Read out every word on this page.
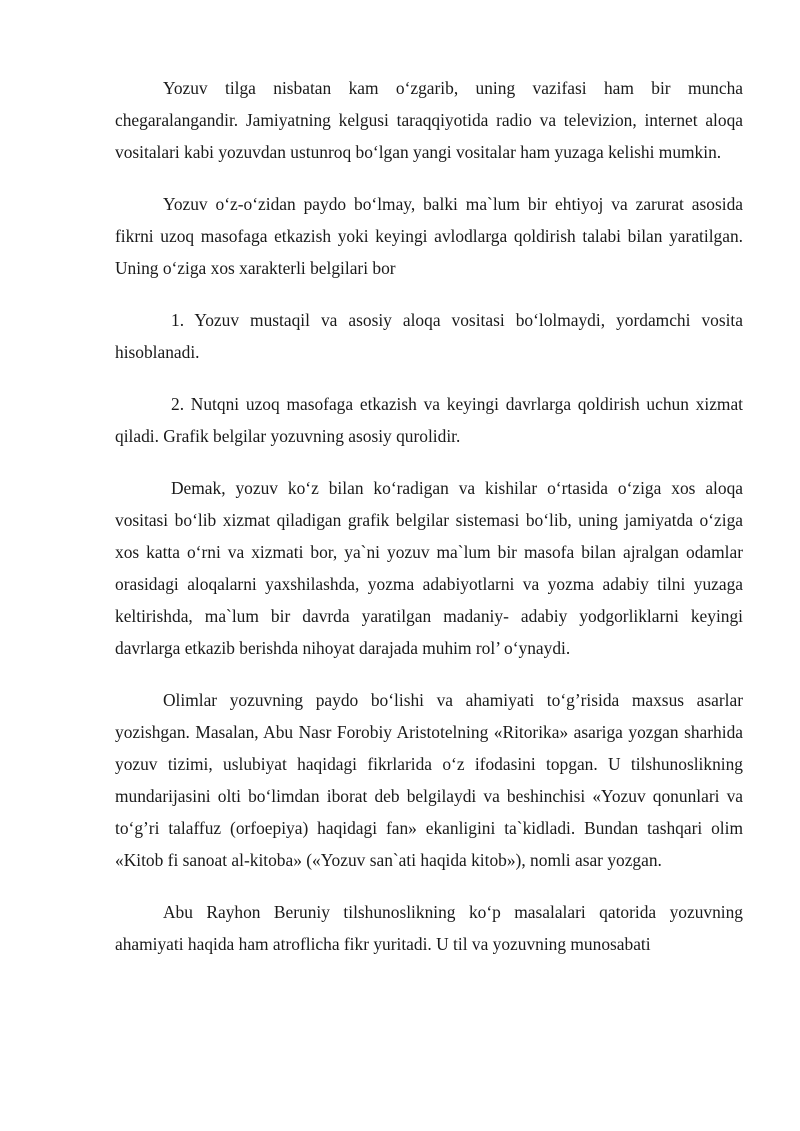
Yozuv tilga nisbatan kam o‘zgarib, uning vazifasi ham bir muncha chegaralangandir. Jamiyatning kelgusi taraqqiyotida radio va televizion, internet aloqa vositalari kabi yozuvdan ustunroq bo‘lgan yangi vositalar ham yuzaga kelishi mumkin.

Yozuv o‘z-o‘zidan paydo bo‘lmay, balki ma`lum bir ehtiyoj va zarurat asosida fikrni uzoq masofaga etkazish yoki keyingi avlodlarga qoldirish talabi bilan yaratilgan. Uning o‘ziga xos xarakterli belgilari bor

1. Yozuv mustaqil va asosiy aloqa vositasi bo‘lolmaydi, yordamchi vosita hisoblanadi.

2. Nutqni uzoq masofaga etkazish va keyingi davrlarga qoldirish uchun xizmat qiladi. Grafik belgilar yozuvning asosiy qurolidir.

Demak, yozuv ko‘z bilan ko‘radigan va kishilar o‘rtasida o‘ziga xos aloqa vositasi bo‘lib xizmat qiladigan grafik belgilar sistemasi bo‘lib, uning jamiyatda o‘ziga xos katta o‘rni va xizmati bor, ya`ni yozuv ma`lum bir masofa bilan ajralgan odamlar orasidagi aloqalarni yaxshilashda, yozma adabiyotlarni va yozma adabiy tilni yuzaga keltirishda, ma`lum bir davrda yaratilgan madaniy- adabiy yodgorliklarni keyingi davrlarga etkazib berishda nihoyat darajada muhim rol’ o‘ynaydi.

Olimlar yozuvning paydo bo‘lishi va ahamiyati to‘g’risida maxsus asarlar yozishgan. Masalan, Abu Nasr Forobiy Aristotelning «Ritorika» asariga yozgan sharhida yozuv tizimi, uslubiyat haqidagi fikrlarida o‘z ifodasini topgan. U tilshunoslikning mundarijasini olti bo‘limdan iborat deb belgilaydi va beshinchisi «Yozuv qonunlari va to‘g’ri talaffuz (orfoepiya) haqidagi fan» ekanligini ta`kidladi. Bundan tashqari olim «Kitob fi sanoat al-kitoba» («Yozuv san`ati haqida kitob»), nomli asar yozgan.

Abu Rayhon Beruniy tilshunoslikning ko‘p masalalari qatorida yozuvning ahamiyati haqida ham atroflicha fikr yuritadi. U til va yozuvning munosabati
